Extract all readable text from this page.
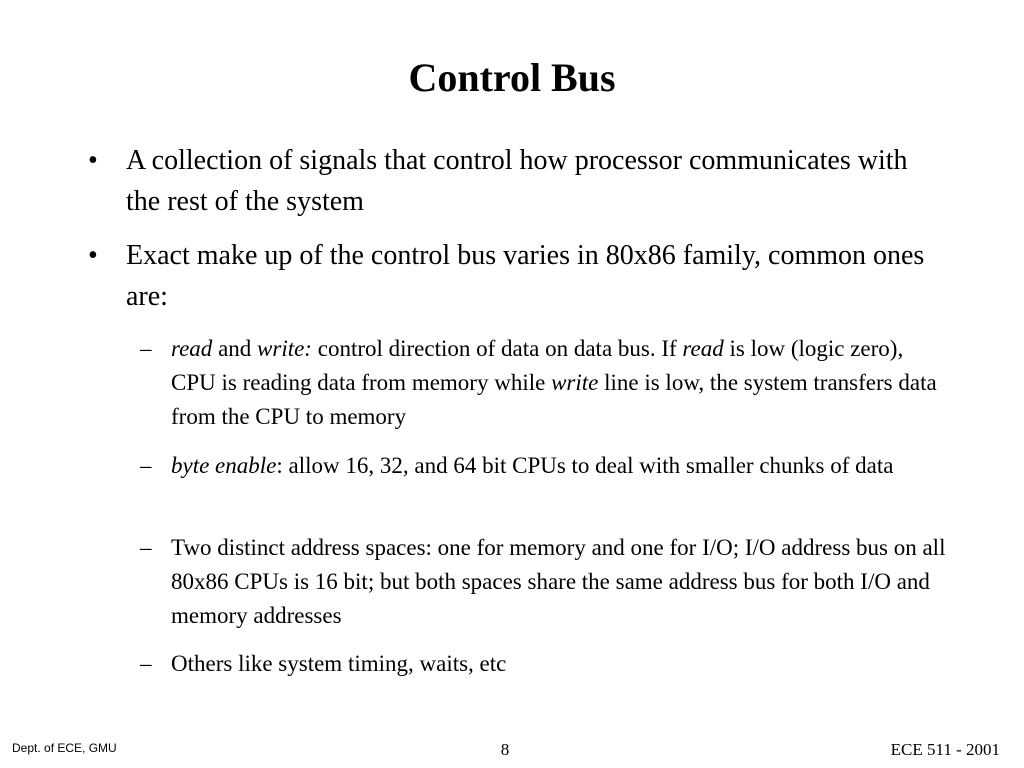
Control Bus
• A collection of signals that control how processor communicates with the rest of the system
• Exact make up of the control bus varies in 80x86 family, common ones are:
– read and write: control direction of data on data bus. If read is low (logic zero), CPU is reading data from memory while write line is low, the system transfers data from the CPU to memory
– byte enable: allow 16, 32, and 64 bit CPUs to deal with smaller chunks of data
– Two distinct address spaces: one for memory and one for I/O; I/O address bus on all 80x86 CPUs is 16 bit; but both spaces share the same address bus for both I/O and memory addresses
– Others like system timing, waits, etc
Dept. of ECE, GMU	8	ECE 511 - 2001
